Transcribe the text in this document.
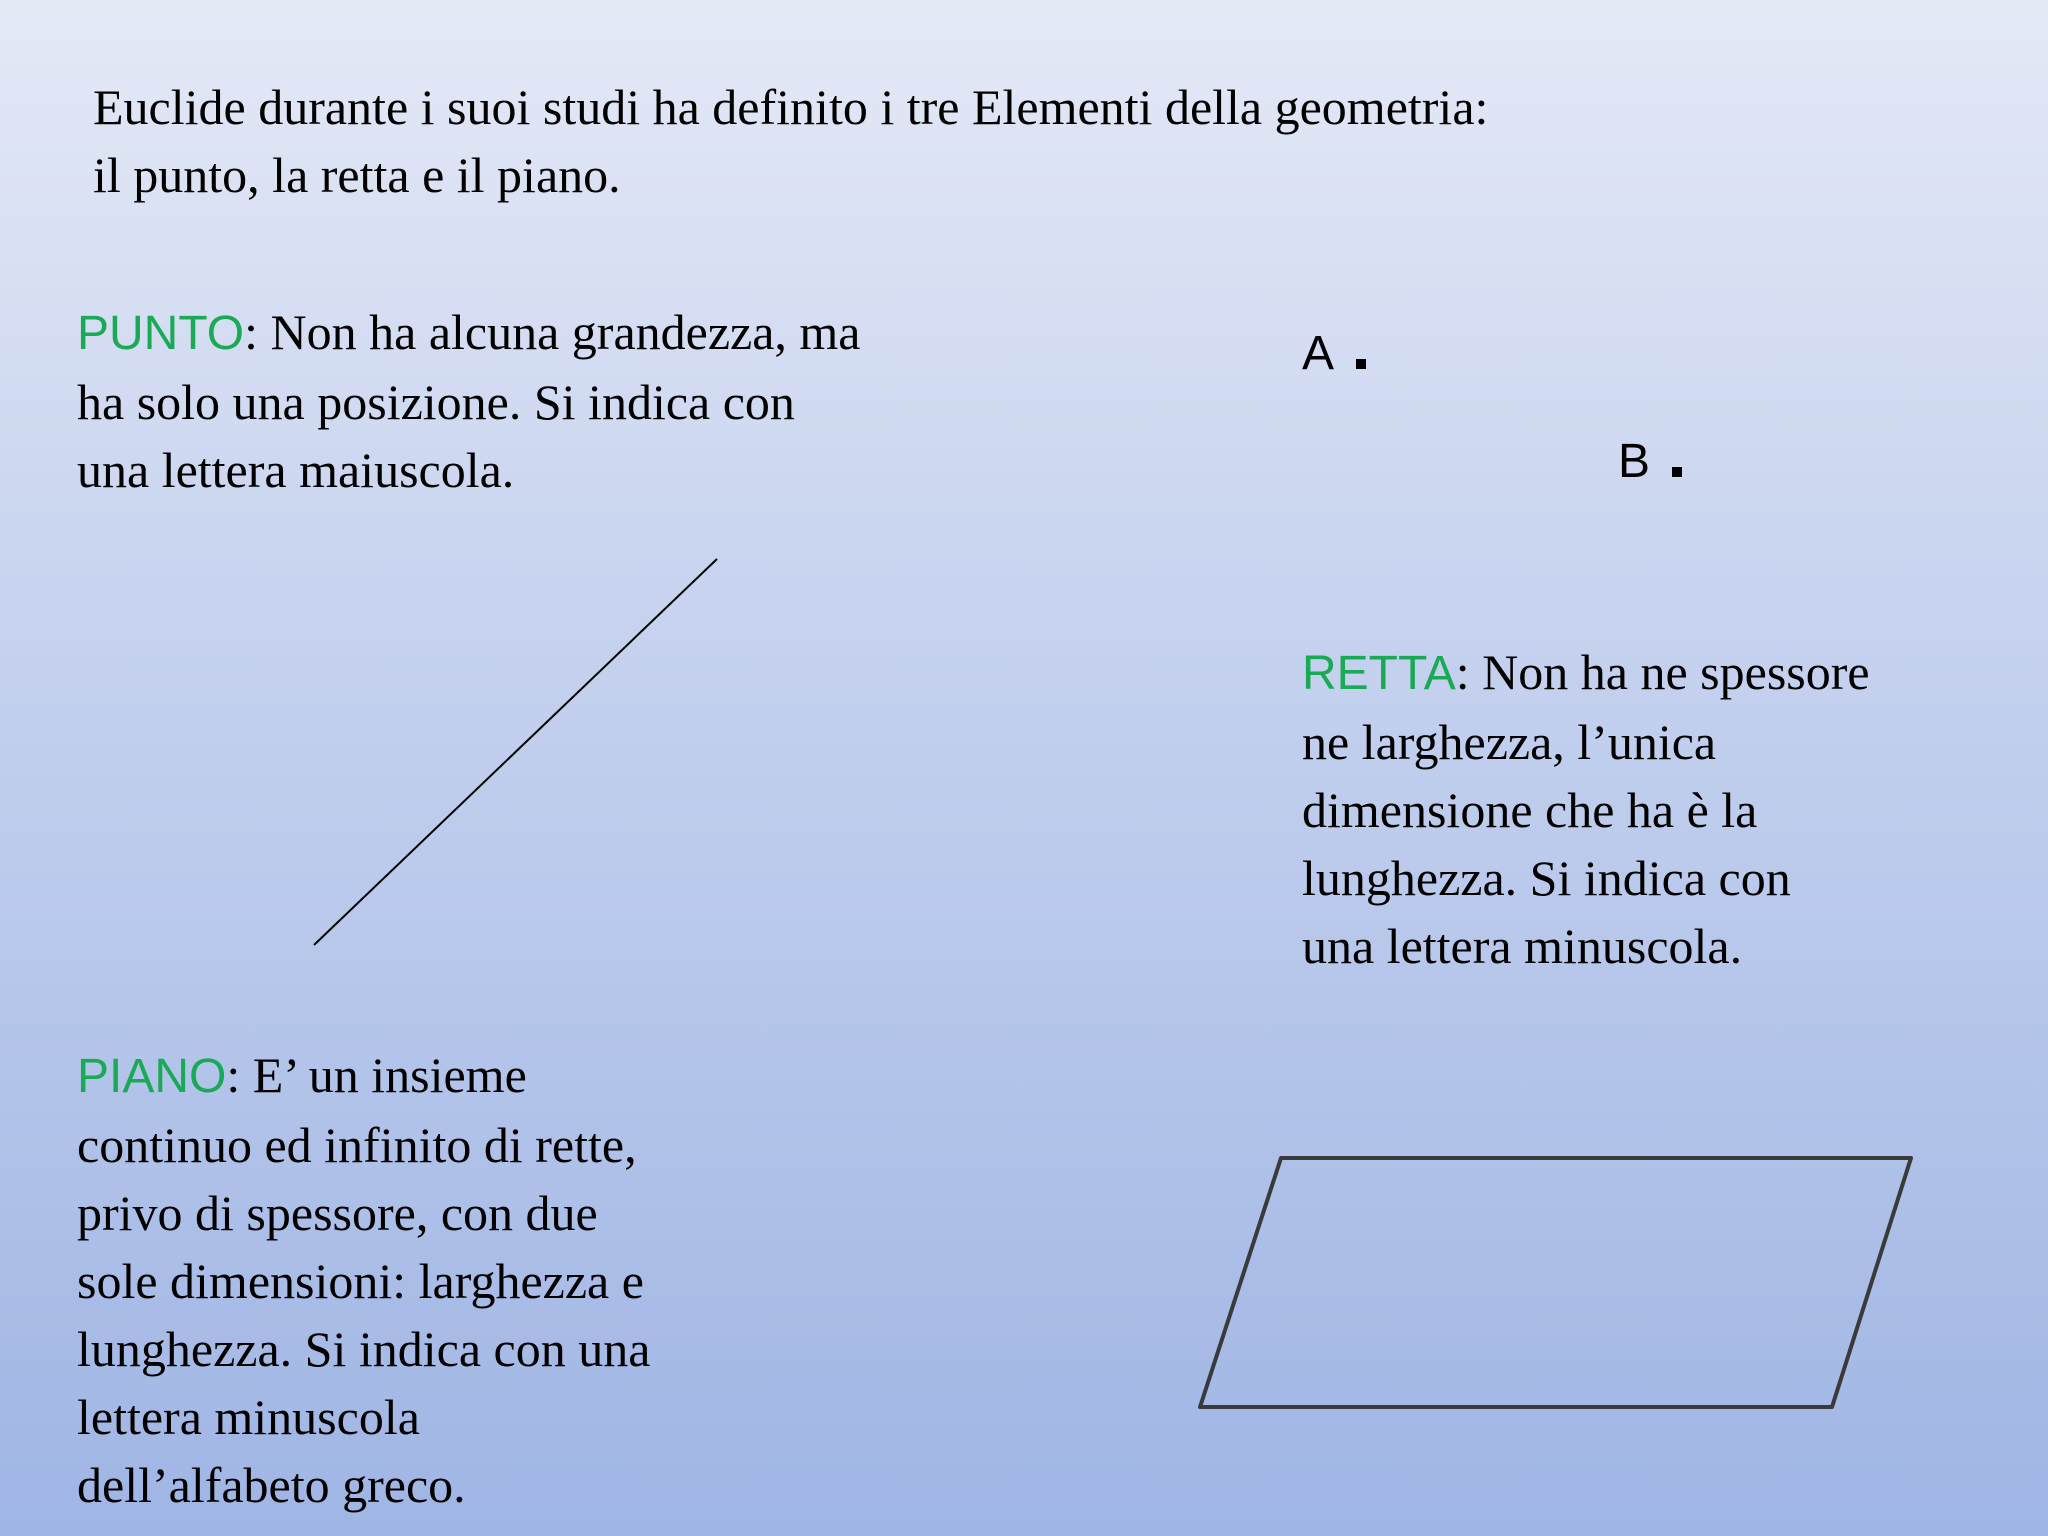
Euclide durante i suoi studi ha definito i tre Elementi della geometria:
il punto, la retta e il piano.

PUNTO: Non ha alcuna grandezza, ma
ha solo una posizione. Si indica con
una lettera maiuscola.

A
B

RETTA: Non ha ne spessore
ne larghezza, l’unica
dimensione che ha è la
lunghezza. Si indica con
una lettera minuscola.

PIANO: E’ un insieme
continuo ed infinito di rette,
privo di spessore, con due
sole dimensioni: larghezza e
lunghezza. Si indica con una
lettera minuscola
dell’alfabeto greco.
